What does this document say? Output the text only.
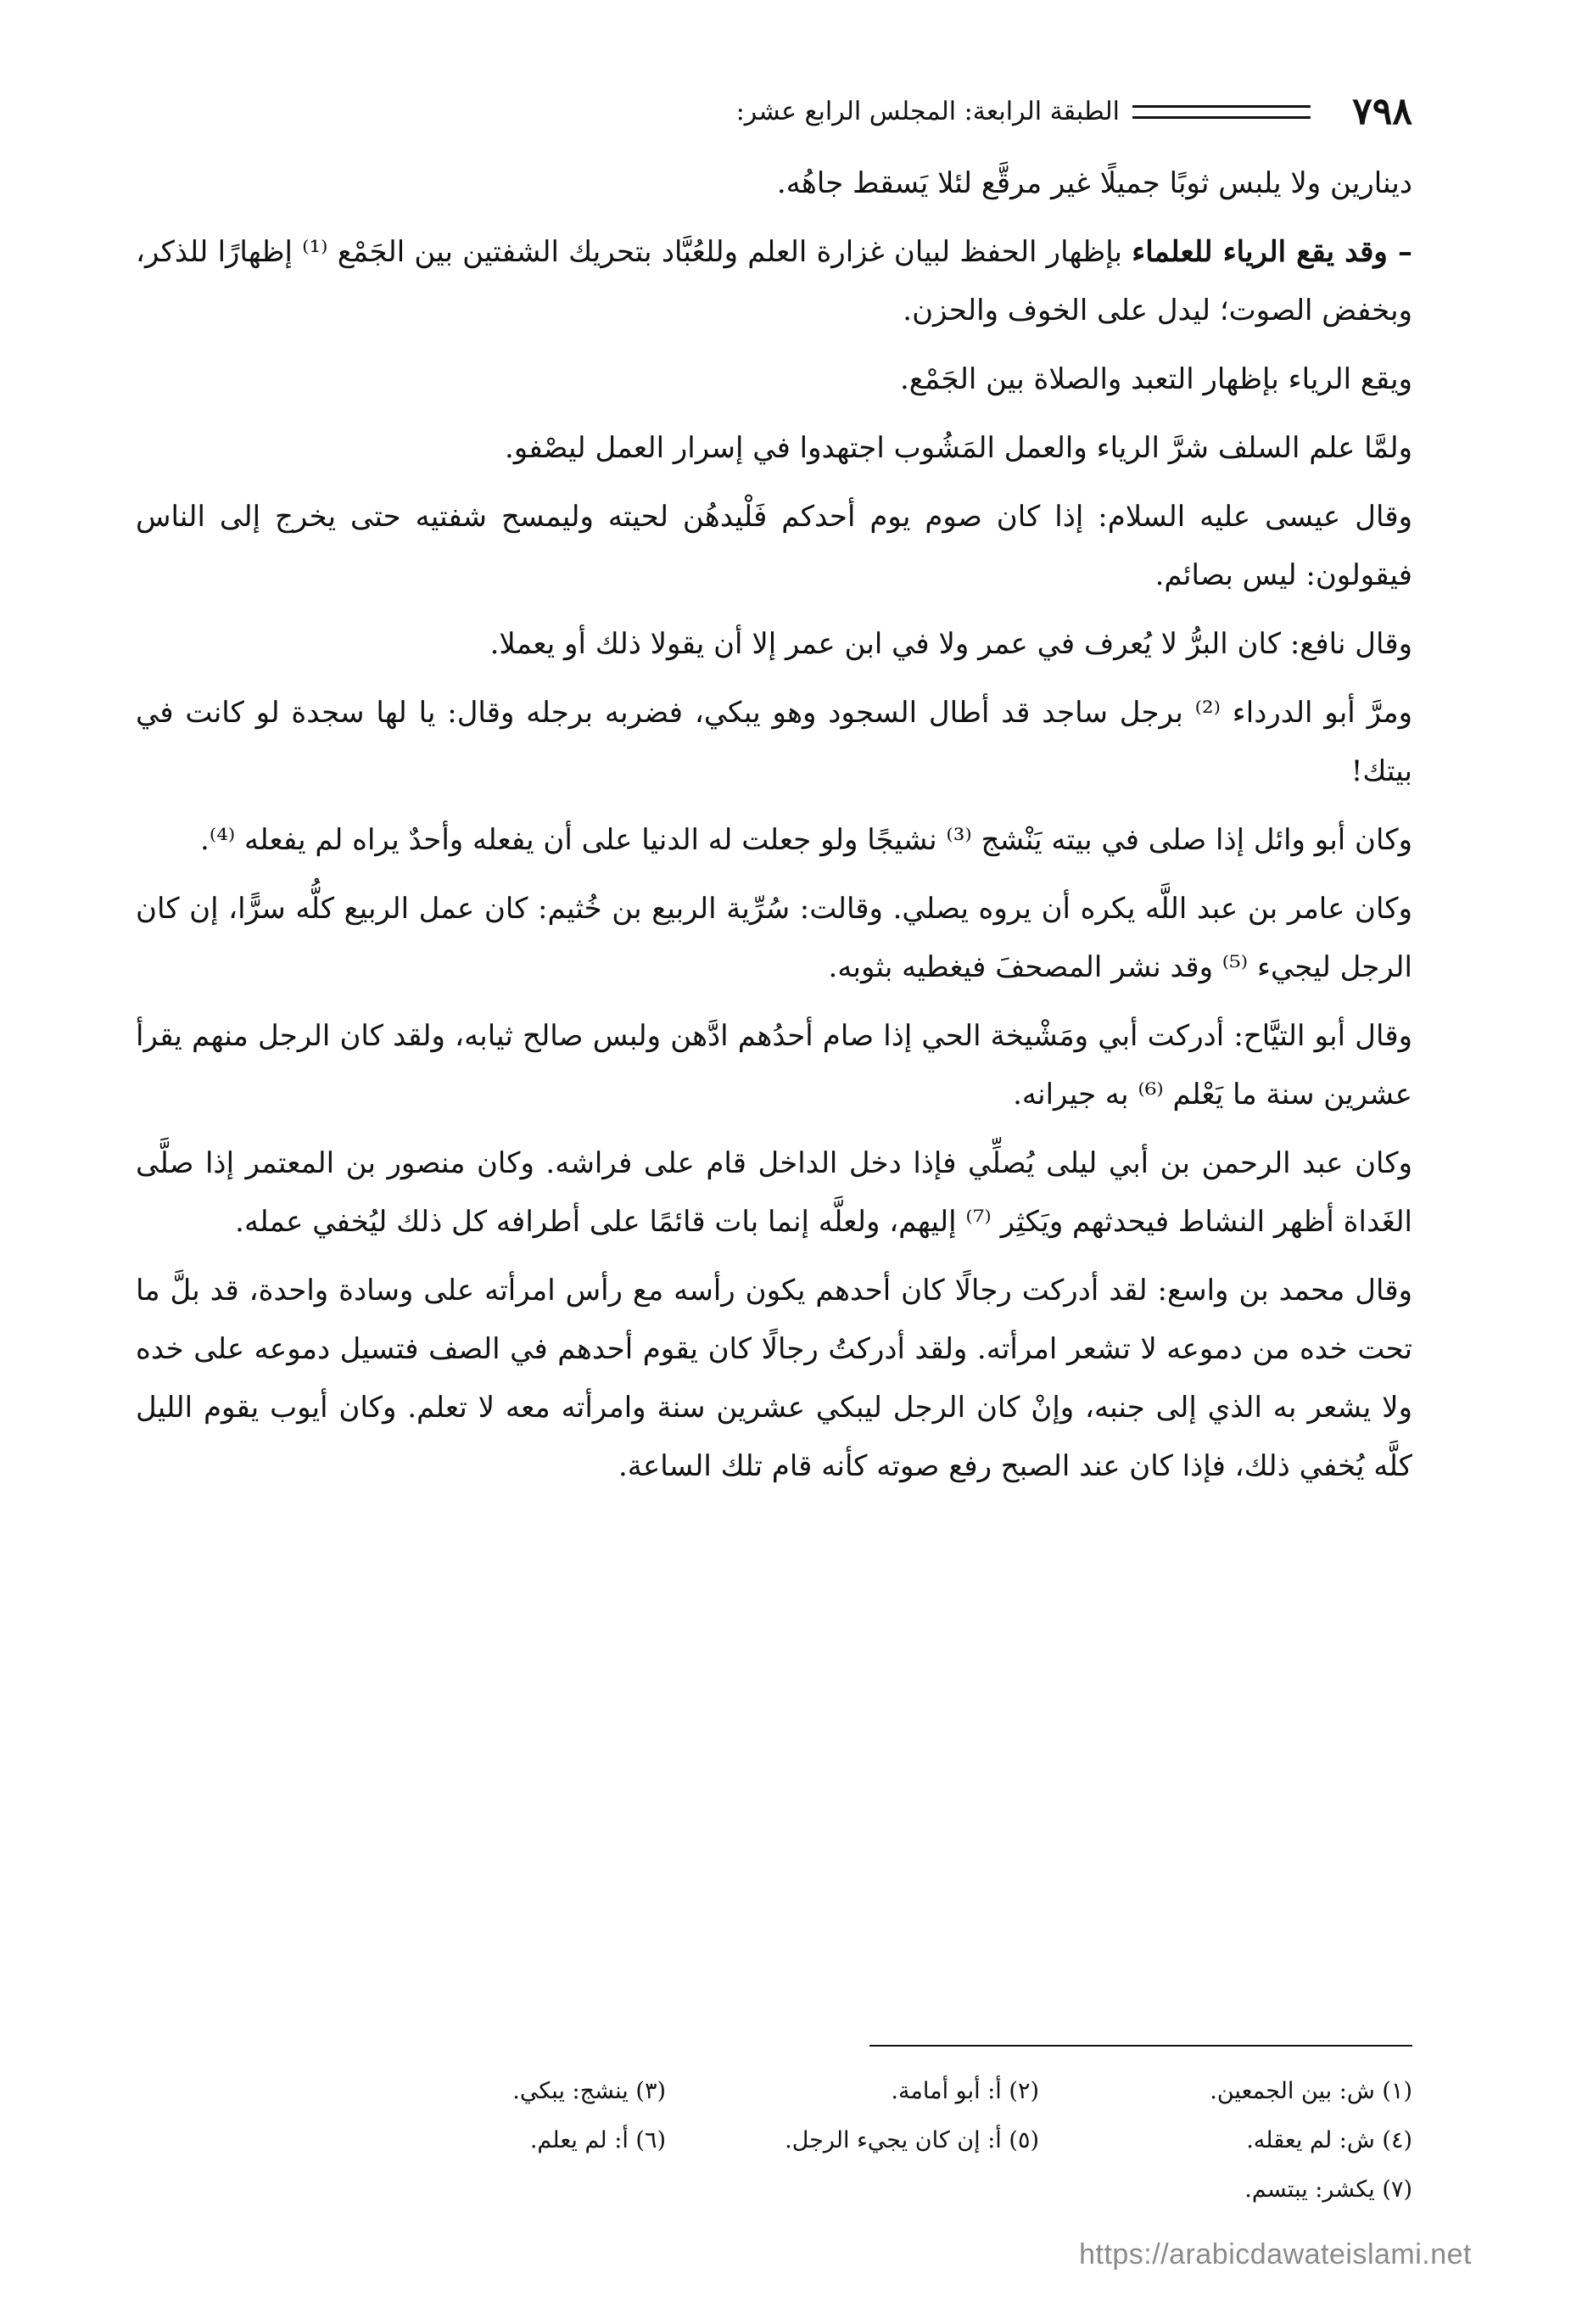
٧٩٨
الطبقة الرابعة: المجلس الرابع عشر:

دينارين ولا يلبس ثوبًا جميلًا غير مرقَّع لئلا يَسقط جاهُه.

– وقد يقع الرياء للعلماء بإظهار الحفظ لبيان غزارة العلم وللعُبَّاد بتحريك الشفتين بين الجَمْع ⁽¹⁾ إظهارًا للذكر، وبخفض الصوت؛ ليدل على الخوف والحزن.

ويقع الرياء بإظهار التعبد والصلاة بين الجَمْع.

ولمَّا علم السلف شرَّ الرياء والعمل المَشُوب اجتهدوا في إسرار العمل ليصْفو.

وقال عيسى عليه السلام: إذا كان صوم يوم أحدكم فَلْيدهُن لحيته وليمسح شفتيه حتى يخرج إلى الناس فيقولون: ليس بصائم.

وقال نافع: كان البرُّ لا يُعرف في عمر ولا في ابن عمر إلا أن يقولا ذلك أو يعملا.

ومرَّ أبو الدرداء ⁽²⁾ برجل ساجد قد أطال السجود وهو يبكي، فضربه برجله وقال: يا لها سجدة لو كانت في بيتك!

وكان أبو وائل إذا صلى في بيته يَنْشج ⁽³⁾ نشيجًا ولو جعلت له الدنيا على أن يفعله وأحدٌ يراه لم يفعله ⁽⁴⁾.

وكان عامر بن عبد اللَّه يكره أن يروه يصلي. وقالت: سُرِّية الربيع بن خُثيم: كان عمل الربيع كلُّه سرًّا، إن كان الرجل ليجيء ⁽⁵⁾ وقد نشر المصحفَ فيغطيه بثوبه.

وقال أبو التيَّاح: أدركت أبي ومَشْيخة الحي إذا صام أحدُهم ادَّهن ولبس صالح ثيابه، ولقد كان الرجل منهم يقرأ عشرين سنة ما يَعْلم ⁽⁶⁾ به جيرانه.

وكان عبد الرحمن بن أبي ليلى يُصلِّي فإذا دخل الداخل قام على فراشه. وكان منصور بن المعتمر إذا صلَّى الغَداة أظهر النشاط فيحدثهم ويَكثِر ⁽⁷⁾ إليهم، ولعلَّه إنما بات قائمًا على أطرافه كل ذلك ليُخفي عمله.

وقال محمد بن واسع: لقد أدركت رجالًا كان أحدهم يكون رأسه مع رأس امرأته على وسادة واحدة، قد بلَّ ما تحت خده من دموعه لا تشعر امرأته. ولقد أدركتُ رجالًا كان يقوم أحدهم في الصف فتسيل دموعه على خده ولا يشعر به الذي إلى جنبه، وإنْ كان الرجل ليبكي عشرين سنة وامرأته معه لا تعلم. وكان أيوب يقوم الليل كلَّه يُخفي ذلك، فإذا كان عند الصبح رفع صوته كأنه قام تلك الساعة.

(١) ش: بين الجمعين.
(٢) أ: أبو أمامة.
(٣) ينشج: يبكي.
(٤) ش: لم يعقله.
(٥) أ: إن كان يجيء الرجل.
(٦) أ: لم يعلم.
(٧) يكشر: يبتسم.
https://arabicdawateislami.net
